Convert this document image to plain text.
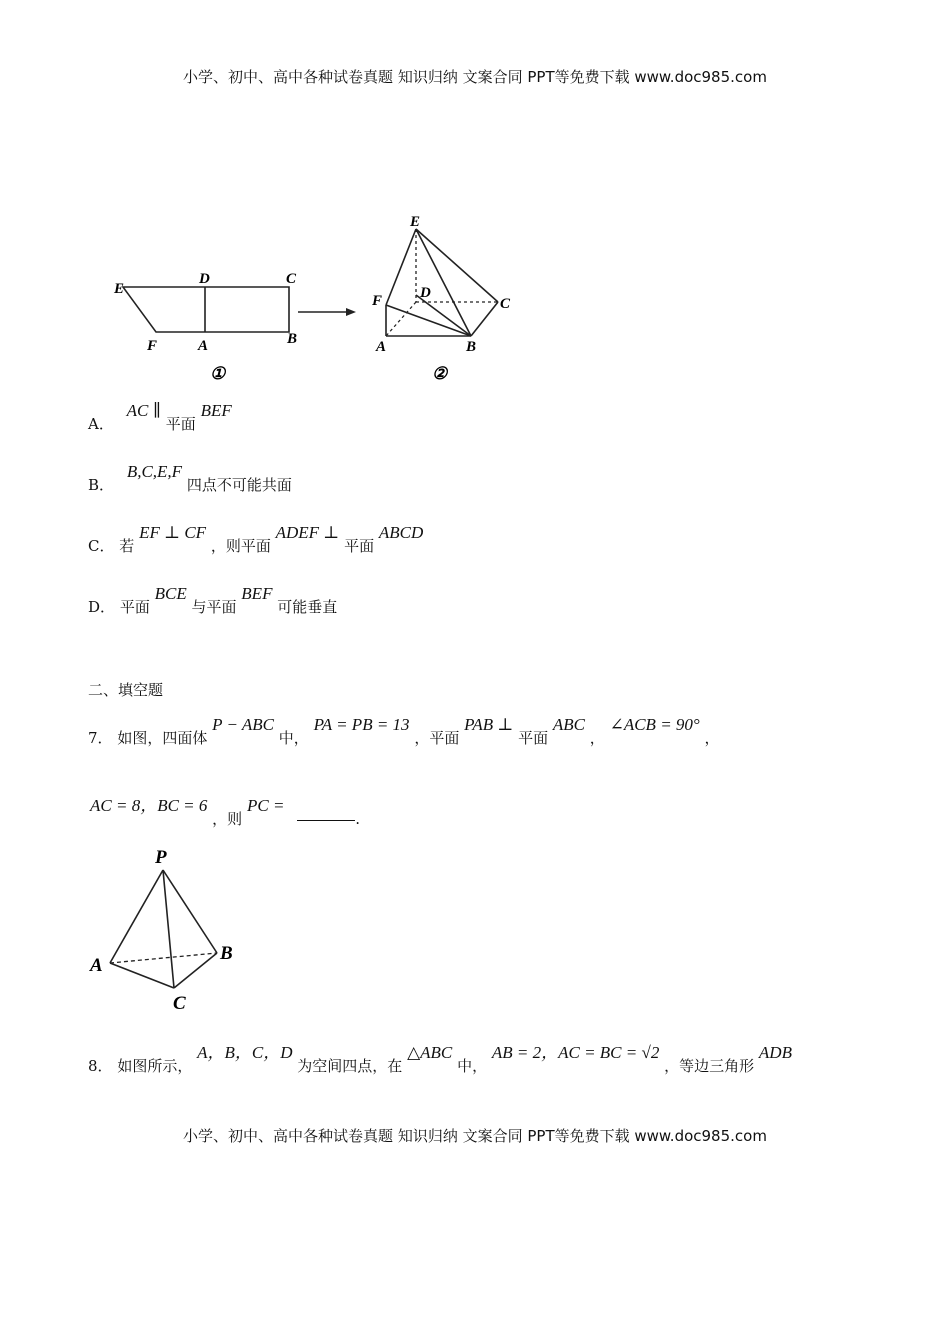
小学、初中、高中各种试卷真题 知识归纳 文案合同 PPT等免费下载 www.doc985.com
E
D	C
F	A	B
①
E
F	D
C
A	B
②
A． AC ∥ 平面 BEF
B． B,C,E,F 四点不可能共面
C． 若 EF ⊥ CF ，则平面 ADEF ⊥ 平面 ABCD
D． 平面 BCE 与平面 BEF 可能垂直
二、填空题
7． 如图，四面体 P − ABC 中， PA = PB = 13 ，平面 PAB ⊥ 平面 ABC ， ∠ACB = 90° ，
AC = 8，BC = 6 ，则 PC = .
P
A
B
C
8． 如图所示， A，B，C，D 为空间四点，在 △ABC 中， AB = 2，AC = BC = √2 ，等边三角形 ADB
小学、初中、高中各种试卷真题 知识归纳 文案合同 PPT等免费下载 www.doc985.com
